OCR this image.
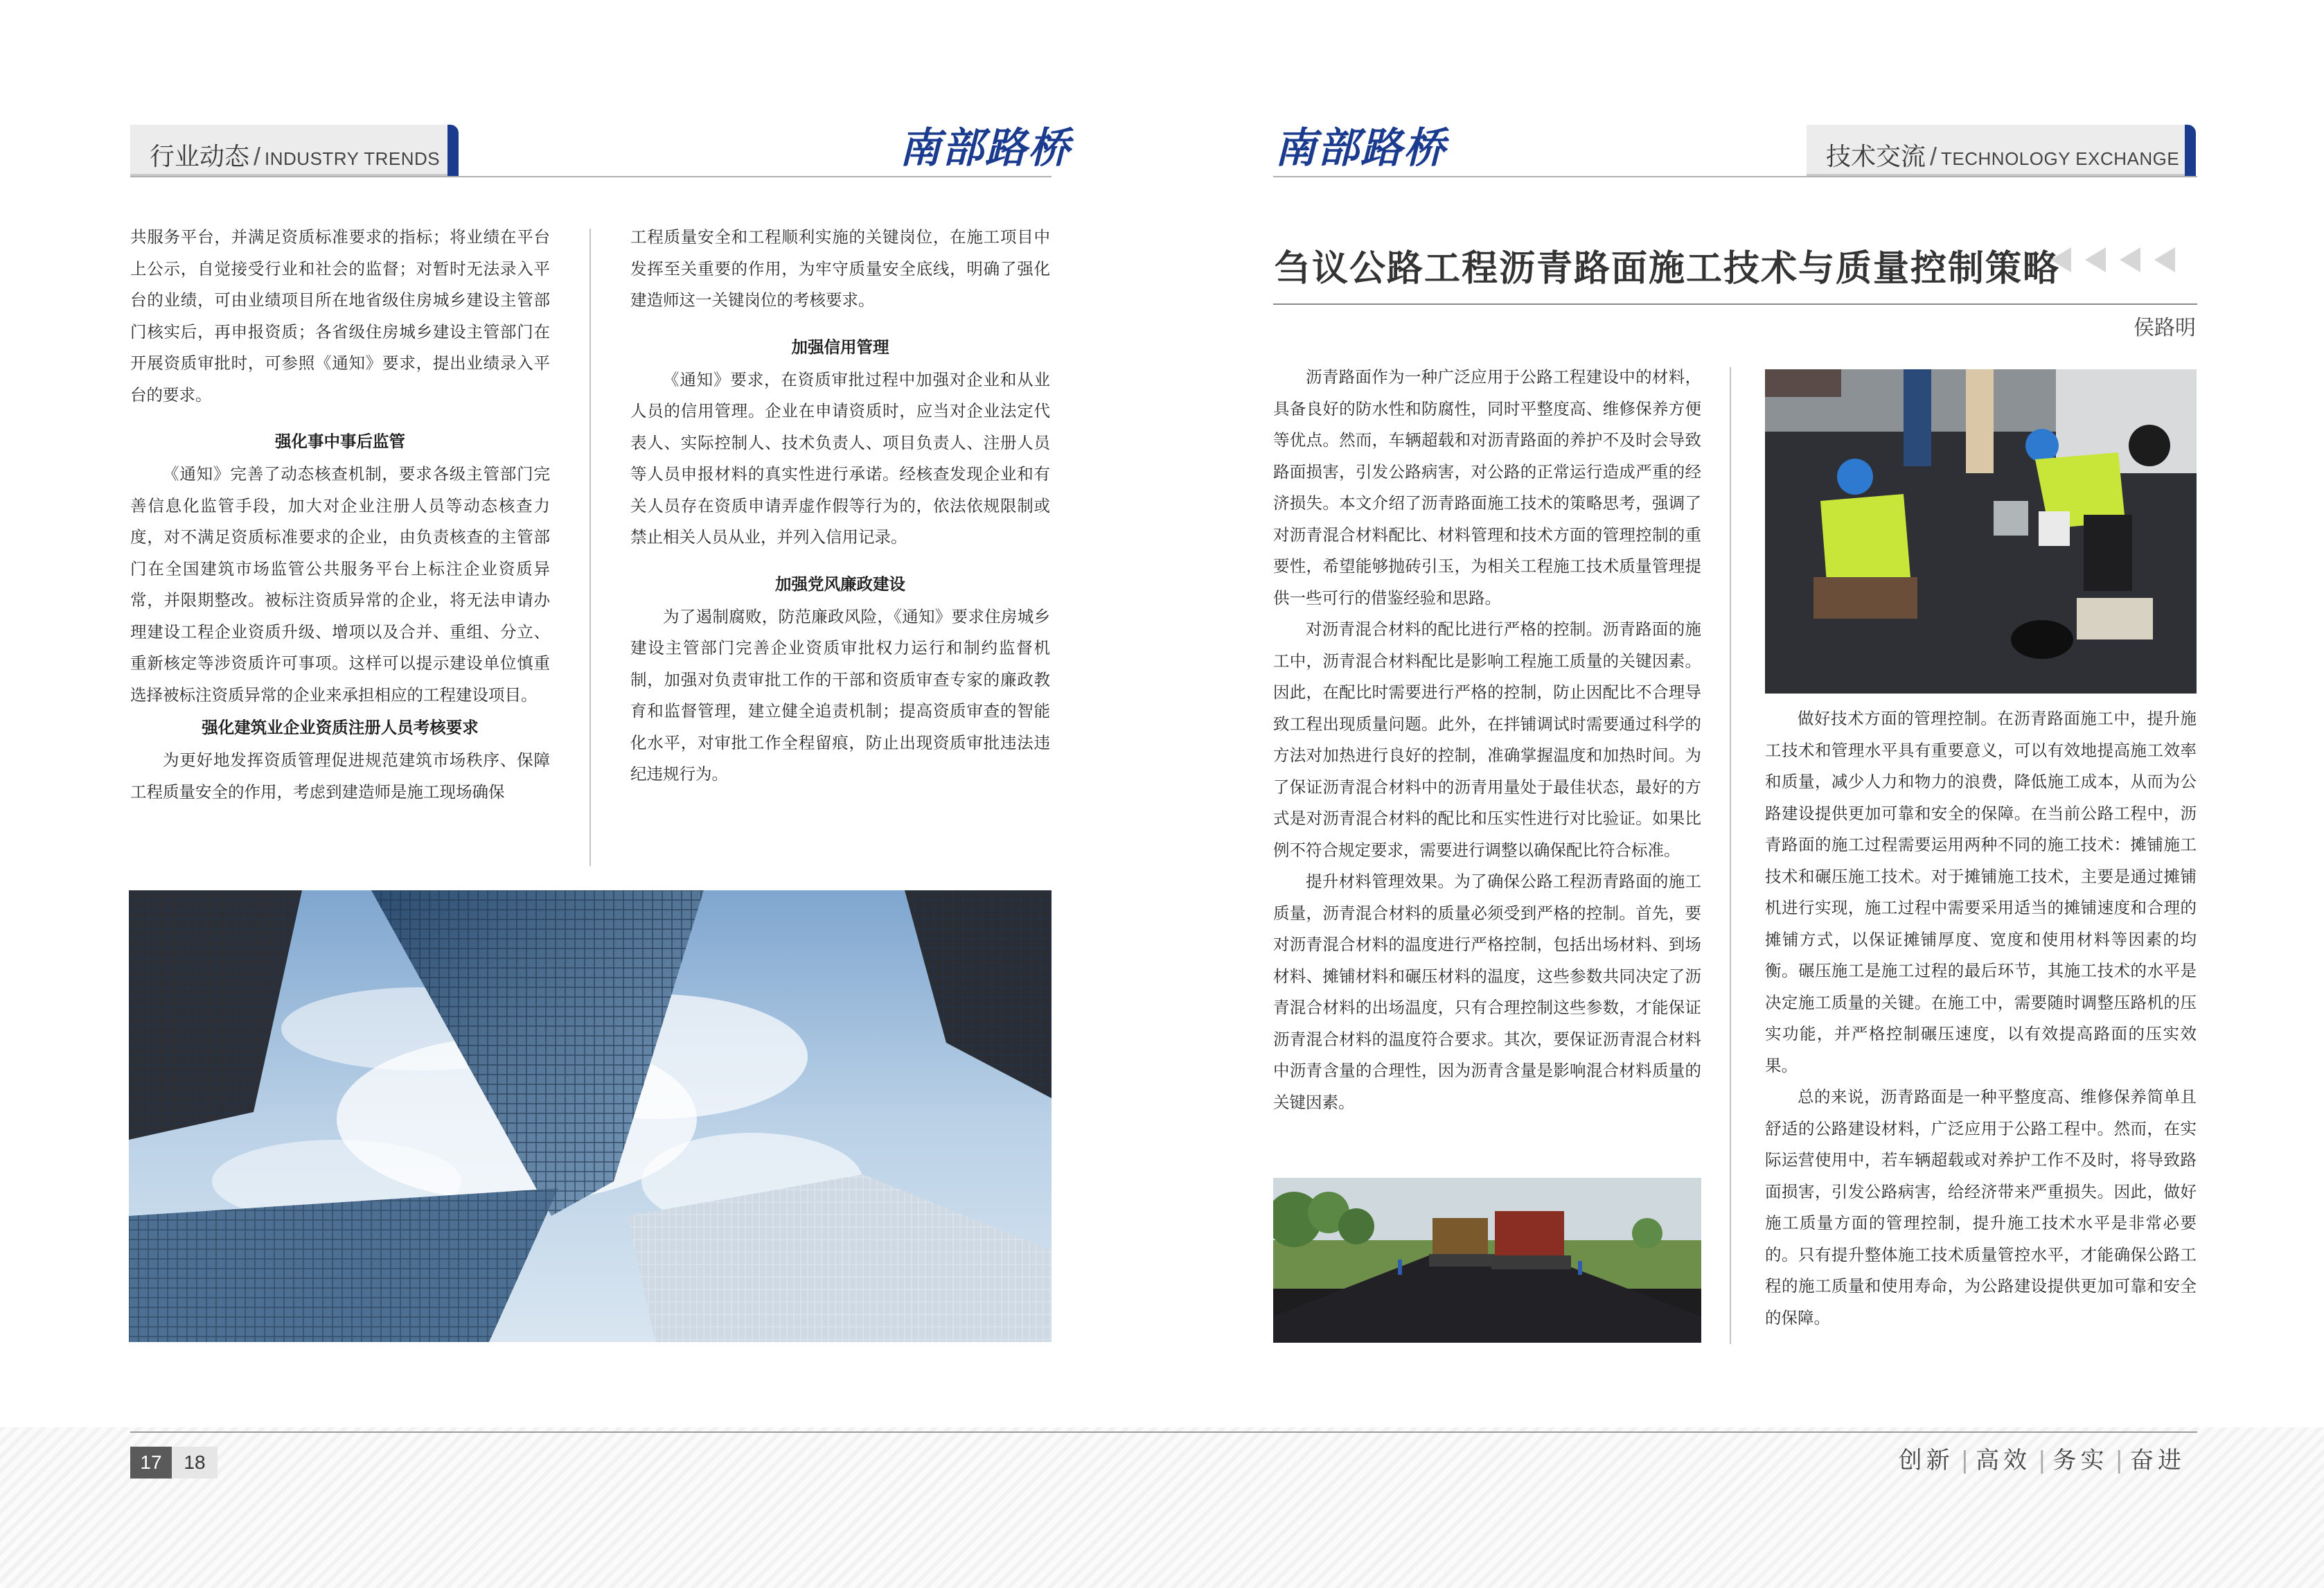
行业动态 / INDUSTRY TRENDS	南部路桥

共服务平台，并满足资质标准要求的指标；将业绩在平台上公示，自觉接受行业和社会的监督；对暂时无法录入平台的业绩，可由业绩项目所在地省级住房城乡建设主管部门核实后，再申报资质；各省级住房城乡建设主管部门在开展资质审批时，可参照《通知》要求，提出业绩录入平台的要求。

强化事中事后监管

《通知》完善了动态核查机制，要求各级主管部门完善信息化监管手段，加大对企业注册人员等动态核查力度，对不满足资质标准要求的企业，由负责核查的主管部门在全国建筑市场监管公共服务平台上标注企业资质异常，并限期整改。被标注资质异常的企业，将无法申请办理建设工程企业资质升级、增项以及合并、重组、分立、重新核定等涉资质许可事项。这样可以提示建设单位慎重选择被标注资质异常的企业来承担相应的工程建设项目。

强化建筑业企业资质注册人员考核要求

为更好地发挥资质管理促进规范建筑市场秩序、保障工程质量安全的作用，考虑到建造师是施工现场确保

工程质量安全和工程顺利实施的关键岗位，在施工项目中发挥至关重要的作用，为牢守质量安全底线，明确了强化建造师这一关键岗位的考核要求。

加强信用管理

《通知》要求，在资质审批过程中加强对企业和从业人员的信用管理。企业在申请资质时，应当对企业法定代表人、实际控制人、技术负责人、项目负责人、注册人员等人员申报材料的真实性进行承诺。经核查发现企业和有关人员存在资质申请弄虚作假等行为的，依法依规限制或禁止相关人员从业，并列入信用记录。

加强党风廉政建设

为了遏制腐败，防范廉政风险，《通知》要求住房城乡建设主管部门完善企业资质审批权力运行和制约监督机制，加强对负责审批工作的干部和资质审查专家的廉政教育和监督管理，建立健全追责机制；提高资质审查的智能化水平，对审批工作全程留痕，防止出现资质审批违法违纪违规行为。

南部路桥	技术交流 / TECHNOLOGY EXCHANGE
刍议公路工程沥青路面施工技术与质量控制策略
侯路明

沥青路面作为一种广泛应用于公路工程建设中的材料，具备良好的防水性和防腐性，同时平整度高、维修保养方便等优点。然而，车辆超载和对沥青路面的养护不及时会导致路面损害，引发公路病害，对公路的正常运行造成严重的经济损失。本文介绍了沥青路面施工技术的策略思考，强调了对沥青混合材料配比、材料管理和技术方面的管理控制的重要性，希望能够抛砖引玉，为相关工程施工技术质量管理提供一些可行的借鉴经验和思路。

对沥青混合材料的配比进行严格的控制。沥青路面的施工中，沥青混合材料配比是影响工程施工质量的关键因素。因此，在配比时需要进行严格的控制，防止因配比不合理导致工程出现质量问题。此外，在拌铺调试时需要通过科学的方法对加热进行良好的控制，准确掌握温度和加热时间。为了保证沥青混合材料中的沥青用量处于最佳状态，最好的方式是对沥青混合材料的配比和压实性进行对比验证。如果比例不符合规定要求，需要进行调整以确保配比符合标准。

提升材料管理效果。为了确保公路工程沥青路面的施工质量，沥青混合材料的质量必须受到严格的控制。首先，要对沥青混合材料的温度进行严格控制，包括出场材料、到场材料、摊铺材料和碾压材料的温度，这些参数共同决定了沥青混合材料的出场温度，只有合理控制这些参数，才能保证沥青混合材料的温度符合要求。其次，要保证沥青混合材料中沥青含量的合理性，因为沥青含量是影响混合材料质量的关键因素。

做好技术方面的管理控制。在沥青路面施工中，提升施工技术和管理水平具有重要意义，可以有效地提高施工效率和质量，减少人力和物力的浪费，降低施工成本，从而为公路建设提供更加可靠和安全的保障。在当前公路工程中，沥青路面的施工过程需要运用两种不同的施工技术：摊铺施工技术和碾压施工技术。对于摊铺施工技术，主要是通过摊铺机进行实现，施工过程中需要采用适当的摊铺速度和合理的摊铺方式，以保证摊铺厚度、宽度和使用材料等因素的均衡。碾压施工是施工过程的最后环节，其施工技术的水平是决定施工质量的关键。在施工中，需要随时调整压路机的压实功能，并严格控制碾压速度，以有效提高路面的压实效果。

总的来说，沥青路面是一种平整度高、维修保养简单且舒适的公路建设材料，广泛应用于公路工程中。然而，在实际运营使用中，若车辆超载或对养护工作不及时，将导致路面损害，引发公路病害，给经济带来严重损失。因此，做好施工质量方面的管理控制，提升施工技术水平是非常必要的。只有提升整体施工技术质量管控水平，才能确保公路工程的施工质量和使用寿命，为公路建设提供更加可靠和安全的保障。

17	18	创新 | 高效 | 务实 | 奋进
